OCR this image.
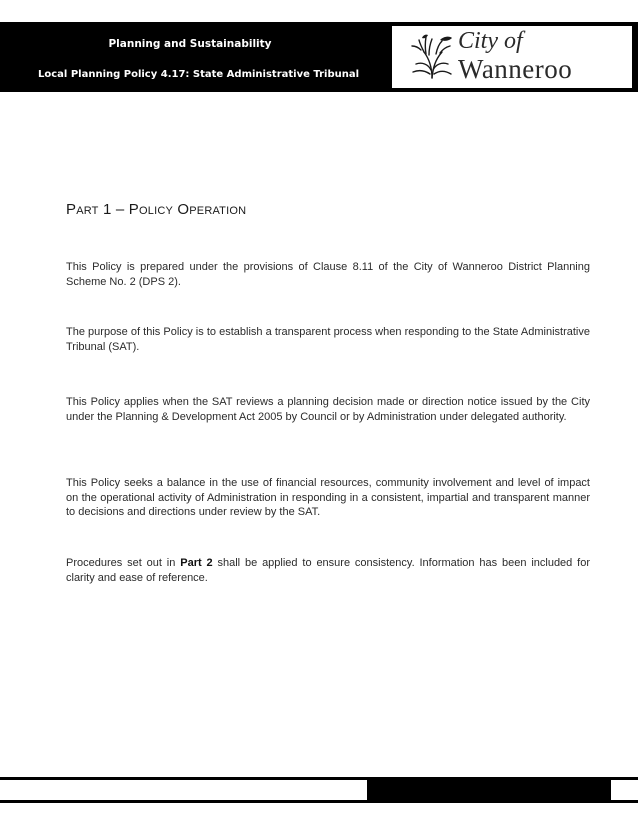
Planning and Sustainability
Local Planning Policy 4.17: State Administrative Tribunal
City of
Wanneroo
Part 1 – Policy Operation

This Policy is prepared under the provisions of Clause 8.11 of the City of Wanneroo District Planning Scheme No. 2 (DPS 2).

The purpose of this Policy is to establish a transparent process when responding to the State Administrative Tribunal (SAT).

This Policy applies when the SAT reviews a planning decision made or direction notice issued by the City under the Planning & Development Act 2005 by Council or by Administration under delegated authority.

This Policy seeks a balance in the use of financial resources, community involvement and level of impact on the operational activity of Administration in responding in a consistent, impartial and transparent manner to decisions and directions under review by the SAT.

Procedures set out in Part 2 shall be applied to ensure consistency. Information has been included for clarity and ease of reference.
